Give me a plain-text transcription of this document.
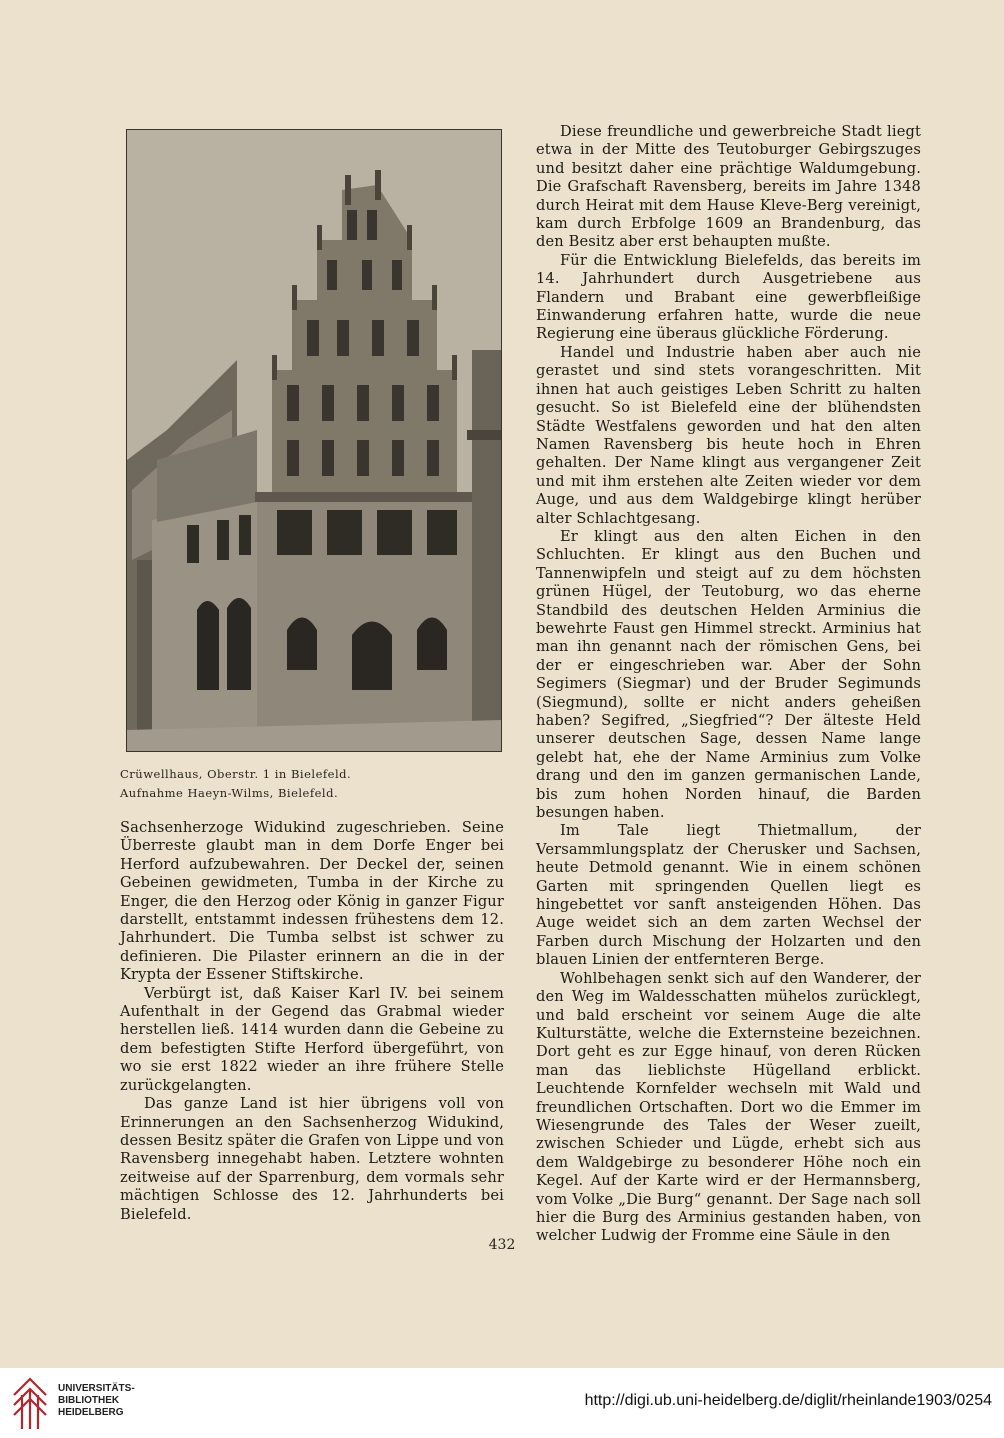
Crüwellhaus, Oberstr. 1 in Bielefeld.
Aufnahme Haeyn-Wilms, Bielefeld.

Sachsenherzoge Widukind zugeschrieben. Seine Überreste glaubt man in dem Dorfe Enger bei Herford aufzubewahren. Der Deckel der, seinen Gebeinen gewidmeten, Tumba in der Kirche zu Enger, die den Herzog oder König in ganzer Figur darstellt, entstammt indessen frühestens dem 12. Jahrhundert. Die Tumba selbst ist schwer zu definieren. Die Pilaster erinnern an die in der Krypta der Essener Stiftskirche.

Verbürgt ist, daß Kaiser Karl IV. bei seinem Aufenthalt in der Gegend das Grabmal wieder herstellen ließ. 1414 wurden dann die Gebeine zu dem befestigten Stifte Herford übergeführt, von wo sie erst 1822 wieder an ihre frühere Stelle zurückgelangten.

Das ganze Land ist hier übrigens voll von Erinnerungen an den Sachsenherzog Widukind, dessen Besitz später die Grafen von Lippe und von Ravensberg innegehabt haben. Letztere wohnten zeitweise auf der Sparrenburg, dem vormals sehr mächtigen Schlosse des 12. Jahrhunderts bei Bielefeld.

Diese freundliche und gewerbreiche Stadt liegt etwa in der Mitte des Teutoburger Gebirgszuges und besitzt daher eine prächtige Waldumgebung. Die Grafschaft Ravensberg, bereits im Jahre 1348 durch Heirat mit dem Hause Kleve-Berg vereinigt, kam durch Erbfolge 1609 an Brandenburg, das den Besitz aber erst behaupten mußte.

Für die Entwicklung Bielefelds, das bereits im 14. Jahrhundert durch Ausgetriebene aus Flandern und Brabant eine gewerbfleißige Einwanderung erfahren hatte, wurde die neue Regierung eine überaus glückliche Förderung.

Handel und Industrie haben aber auch nie gerastet und sind stets vorangeschritten. Mit ihnen hat auch geistiges Leben Schritt zu halten gesucht. So ist Bielefeld eine der blühendsten Städte Westfalens geworden und hat den alten Namen Ravensberg bis heute hoch in Ehren gehalten. Der Name klingt aus vergangener Zeit und mit ihm erstehen alte Zeiten wieder vor dem Auge, und aus dem Waldgebirge klingt herüber alter Schlachtgesang.

Er klingt aus den alten Eichen in den Schluchten. Er klingt aus den Buchen und Tannenwipfeln und steigt auf zu dem höchsten grünen Hügel, der Teutoburg, wo das eherne Standbild des deutschen Helden Arminius die bewehrte Faust gen Himmel streckt. Arminius hat man ihn genannt nach der römischen Gens, bei der er eingeschrieben war. Aber der Sohn Segimers (Siegmar) und der Bruder Segimunds (Siegmund), sollte er nicht anders geheißen haben? Segifred, „Siegfried“? Der älteste Held unserer deutschen Sage, dessen Name lange gelebt hat, ehe der Name Arminius zum Volke drang und den im ganzen germanischen Lande, bis zum hohen Norden hinauf, die Barden besungen haben.

Im Tale liegt Thietmallum, der Versammlungsplatz der Cherusker und Sachsen, heute Detmold genannt. Wie in einem schönen Garten mit springenden Quellen liegt es hingebettet vor sanft ansteigenden Höhen. Das Auge weidet sich an dem zarten Wechsel der Farben durch Mischung der Holzarten und den blauen Linien der entfernteren Berge.

Wohlbehagen senkt sich auf den Wanderer, der den Weg im Waldesschatten mühelos zurücklegt, und bald erscheint vor seinem Auge die alte Kulturstätte, welche die Externsteine bezeichnen. Dort geht es zur Egge hinauf, von deren Rücken man das lieblichste Hügelland erblickt. Leuchtende Kornfelder wechseln mit Wald und freundlichen Ortschaften. Dort wo die Emmer im Wiesengrunde des Tales der Weser zueilt, zwischen Schieder und Lügde, erhebt sich aus dem Waldgebirge zu besonderer Höhe noch ein Kegel. Auf der Karte wird er der Hermannsberg, vom Volke „Die Burg“ genannt. Der Sage nach soll hier die Burg des Arminius gestanden haben, von welcher Ludwig der Fromme eine Säule in den

432
UNIVERSITÄTS-
BIBLIOTHEK
HEIDELBERG
http://digi.ub.uni-heidelberg.de/diglit/rheinlande1903/0254
